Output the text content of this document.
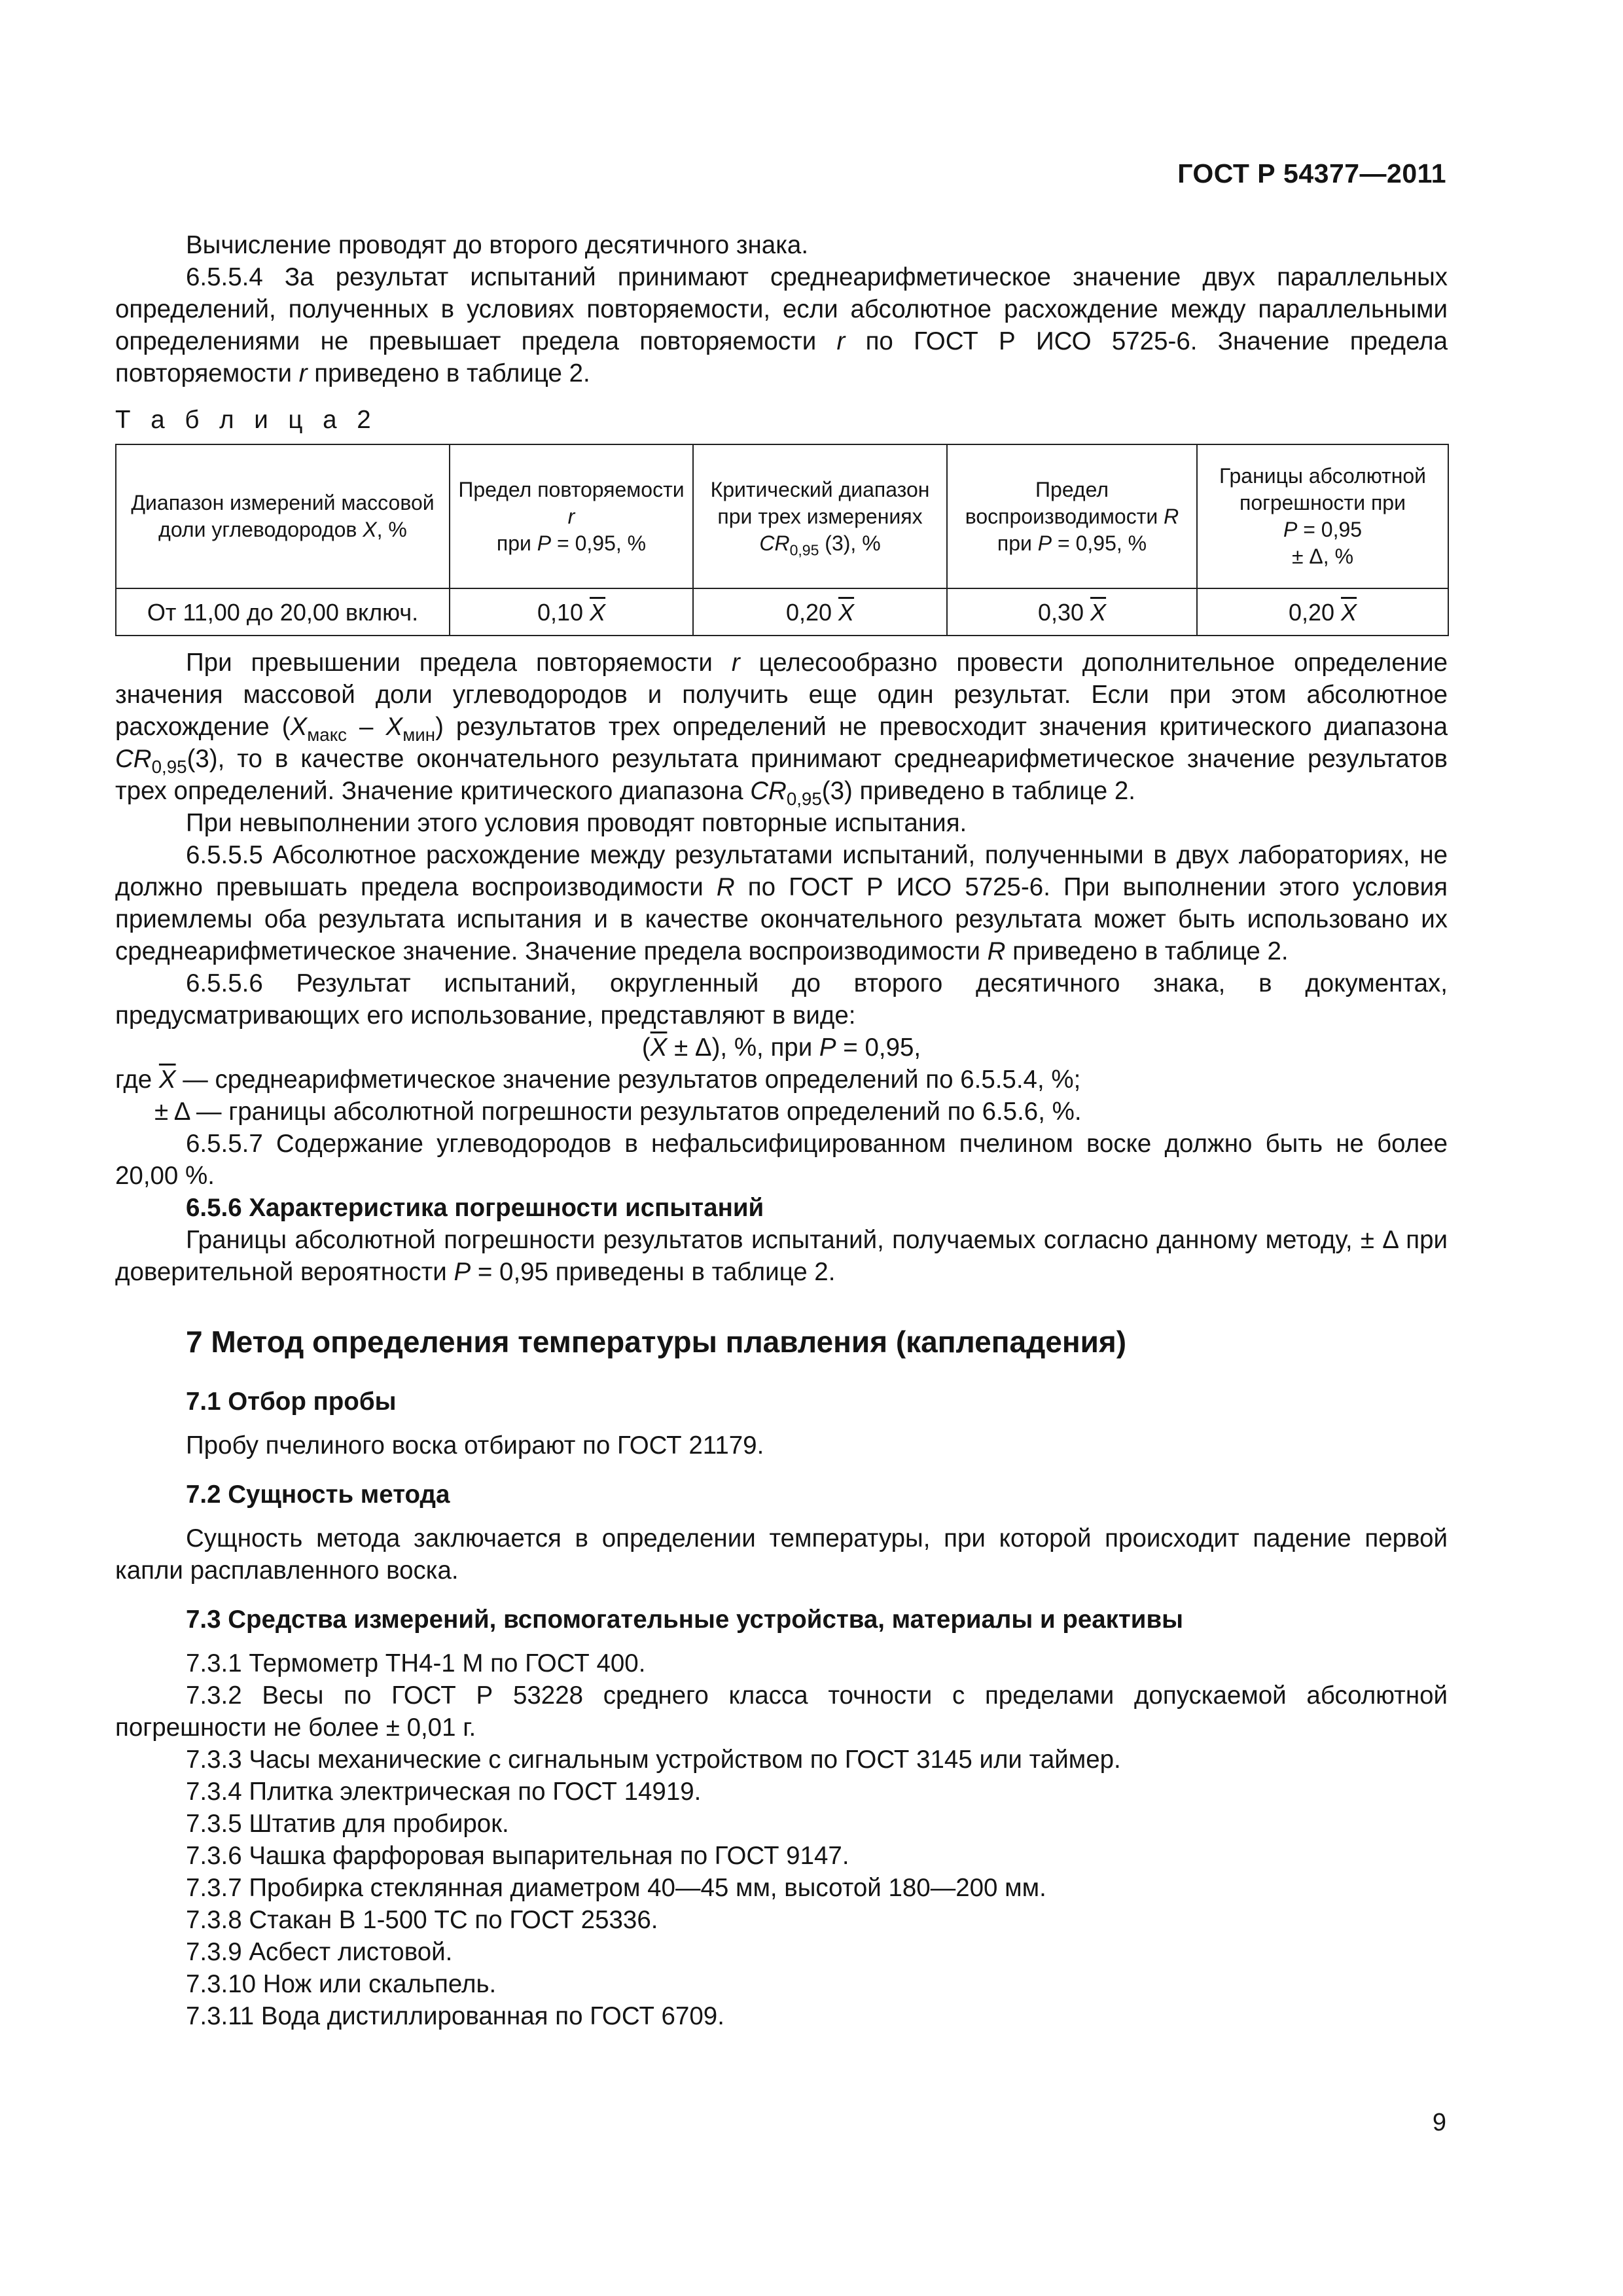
ГОСТ Р 54377—2011

Вычисление проводят до второго десятичного знака.

6.5.5.4 За результат испытаний принимают среднеарифметическое значение двух параллельных определений, полученных в условиях повторяемости, если абсолютное расхождение между параллельными определениями не превышает предела повторяемости r по ГОСТ Р ИСО 5725-6. Значение предела повторяемости r приведено в таблице 2.

Т а б л и ц а 2

Диапазон измерений массовой доли углеводородов X, %	Предел повторяемости r
при P = 0,95, %	Критический диапазон при трех измерениях $CR_{0,95}$ (3), %	Предел воспроизводимости R
при P = 0,95, %	Границы абсолютной погрешности при
P = 0,95
± Δ, %
От 11,00 до 20,00 включ.	0,10 $\overline{X}$	0,20 $\overline{X}$	0,30 $\overline{X}$	0,20 $\overline{X}$

При превышении предела повторяемости r целесообразно провести дополнительное определение значения массовой доли углеводородов и получить еще один результат. Если при этом абсолютное расхождение $(X_{макс} - X_{мин})$ результатов трех определений не превосходит значения критического диапазона $CR_{0,95}(3)$, то в качестве окончательного результата принимают среднеарифметическое значение результатов трех определений. Значение критического диапазона $CR_{0,95}(3)$ приведено в таблице 2.

При невыполнении этого условия проводят повторные испытания.

6.5.5.5 Абсолютное расхождение между результатами испытаний, полученными в двух лабораториях, не должно превышать предела воспроизводимости R по ГОСТ Р ИСО 5725-6. При выполнении этого условия приемлемы оба результата испытания и в качестве окончательного результата может быть использовано их среднеарифметическое значение. Значение предела воспроизводимости R приведено в таблице 2.

6.5.5.6 Результат испытаний, округленный до второго десятичного знака, в документах, предусматривающих его использование, представляют в виде:

$(\overline{X} \pm \Delta)$, %, при P = 0,95,

где $\overline{X}$ — среднеарифметическое значение результатов определений по 6.5.5.4, %;

± Δ — границы абсолютной погрешности результатов определений по 6.5.6, %.

6.5.5.7 Содержание углеводородов в нефальсифицированном пчелином воске должно быть не более 20,00 %.

6.5.6 Характеристика погрешности испытаний

Границы абсолютной погрешности результатов испытаний, получаемых согласно данному методу, ± Δ при доверительной вероятности P = 0,95 приведены в таблице 2.

7 Метод определения температуры плавления (каплепадения)

7.1 Отбор пробы

Пробу пчелиного воска отбирают по ГОСТ 21179.

7.2 Сущность метода

Сущность метода заключается в определении температуры, при которой происходит падение первой капли расплавленного воска.

7.3 Средства измерений, вспомогательные устройства, материалы и реактивы

7.3.1 Термометр ТН4-1 М по ГОСТ 400.

7.3.2 Весы по ГОСТ Р 53228 среднего класса точности с пределами допускаемой абсолютной погрешности не более ± 0,01 г.

7.3.3 Часы механические с сигнальным устройством по ГОСТ 3145 или таймер.

7.3.4 Плитка электрическая по ГОСТ 14919.

7.3.5 Штатив для пробирок.

7.3.6 Чашка фарфоровая выпарительная по ГОСТ 9147.

7.3.7 Пробирка стеклянная диаметром 40—45 мм, высотой 180—200 мм.

7.3.8 Стакан В 1-500 ТС по ГОСТ 25336.

7.3.9 Асбест листовой.

7.3.10 Нож или скальпель.

7.3.11 Вода дистиллированная по ГОСТ 6709.

9
